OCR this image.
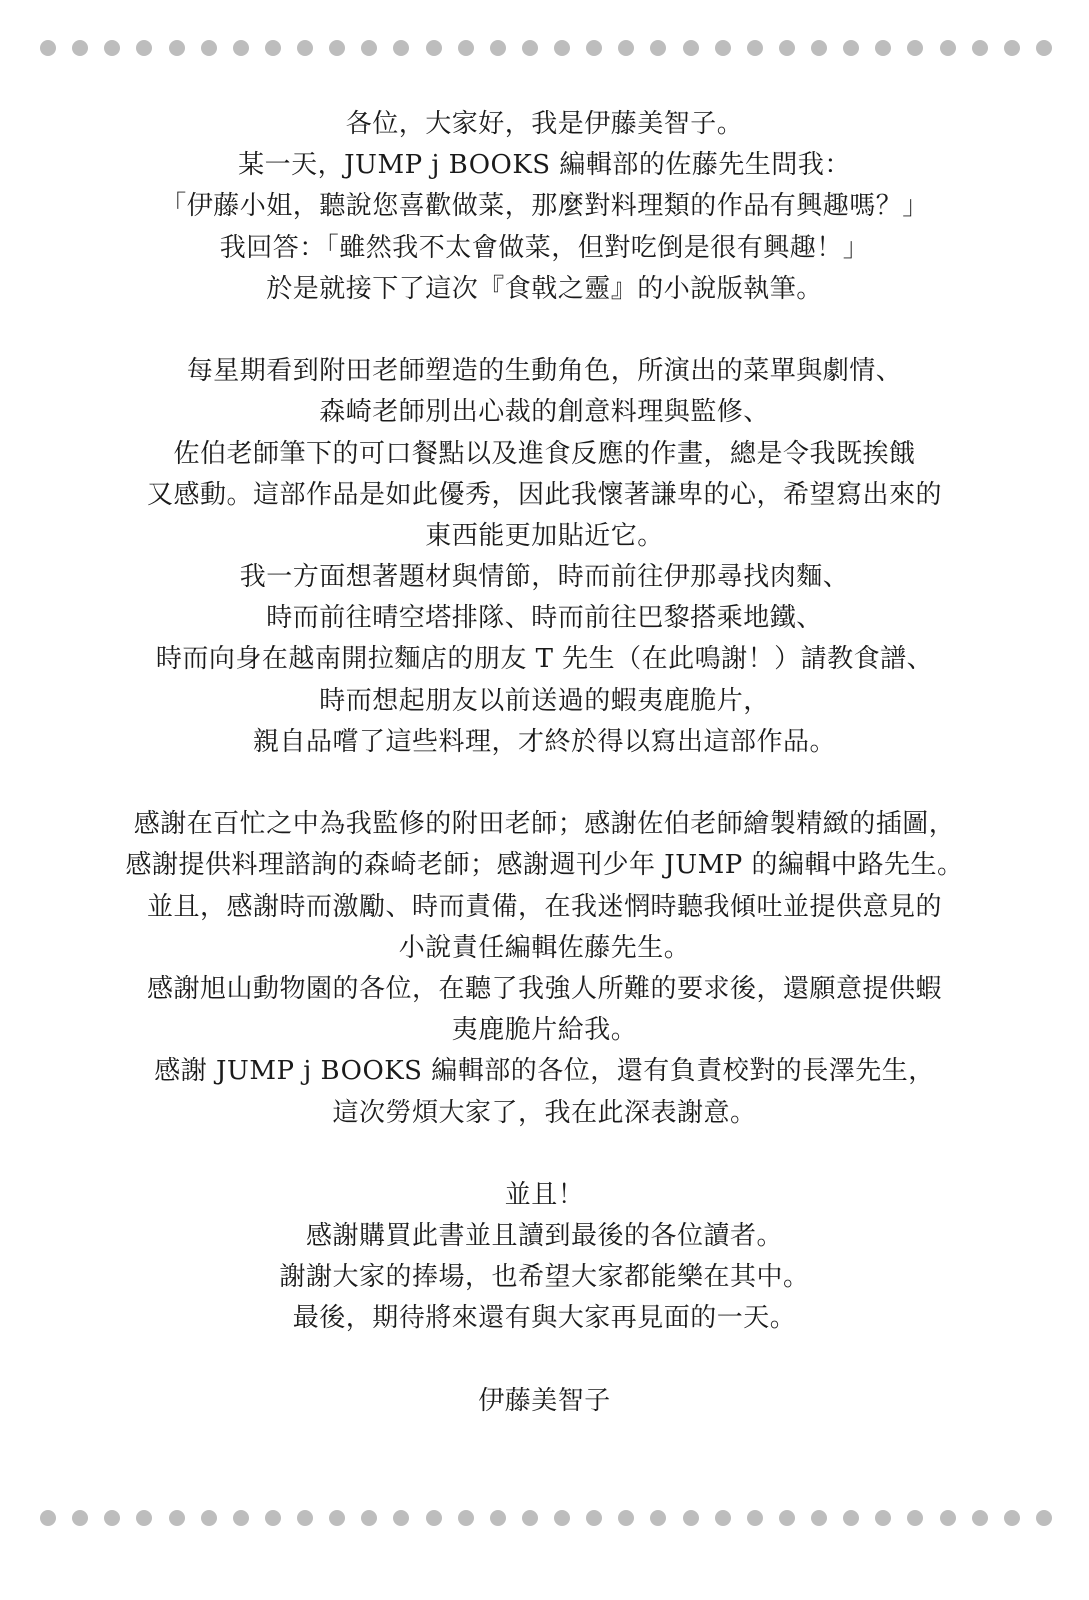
各位，大家好，我是伊藤美智子。
某一天，JUMP j BOOKS 編輯部的佐藤先生問我：
「伊藤小姐，聽說您喜歡做菜，那麼對料理類的作品有興趣嗎？」
我回答：「雖然我不太會做菜，但對吃倒是很有興趣！」
於是就接下了這次『食戟之靈』的小說版執筆。
每星期看到附田老師塑造的生動角色，所演出的菜單與劇情、
森崎老師別出心裁的創意料理與監修、
佐伯老師筆下的可口餐點以及進食反應的作畫，總是令我既挨餓
又感動。這部作品是如此優秀，因此我懷著謙卑的心，希望寫出來的
東西能更加貼近它。
我一方面想著題材與情節，時而前往伊那尋找肉麵、
時而前往晴空塔排隊、時而前往巴黎搭乘地鐵、
時而向身在越南開拉麵店的朋友 T 先生（在此鳴謝！）請教食譜、
時而想起朋友以前送過的蝦夷鹿脆片，
親自品嚐了這些料理，才終於得以寫出這部作品。
感謝在百忙之中為我監修的附田老師；感謝佐伯老師繪製精緻的插圖，
感謝提供料理諮詢的森崎老師；感謝週刊少年 JUMP 的編輯中路先生。
並且，感謝時而激勵、時而責備，在我迷惘時聽我傾吐並提供意見的
小說責任編輯佐藤先生。
感謝旭山動物園的各位，在聽了我強人所難的要求後，還願意提供蝦
夷鹿脆片給我。
感謝 JUMP j BOOKS 編輯部的各位，還有負責校對的長澤先生，
這次勞煩大家了，我在此深表謝意。
並且！
感謝購買此書並且讀到最後的各位讀者。
謝謝大家的捧場，也希望大家都能樂在其中。
最後，期待將來還有與大家再見面的一天。
伊藤美智子
